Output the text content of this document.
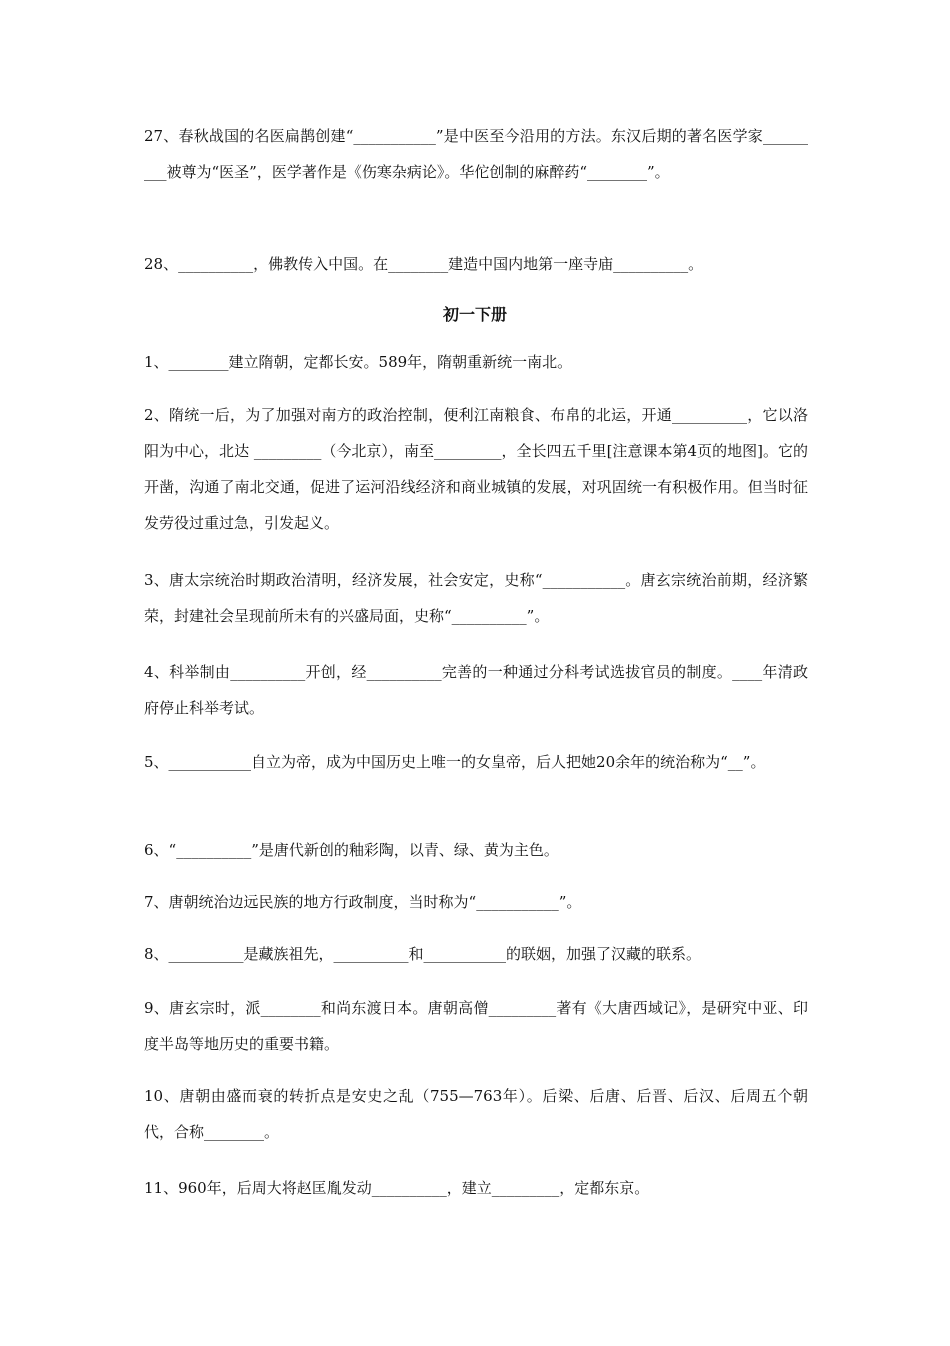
27、春秋战国的名医扁鹊创建“___________”是中医至今沿用的方法。东汉后期的著名医学家_________被尊为“医圣”，医学著作是《伤寒杂病论》。华佗创制的麻醉药“________”。

28、__________，佛教传入中国。在________建造中国内地第一座寺庙__________。

初一下册

1、________建立隋朝，定都长安。589年，隋朝重新统一南北。

2、隋统一后，为了加强对南方的政治控制，便利江南粮食、布帛的北运，开通__________，它以洛阳为中心，北达 _________（今北京），南至_________，全长四五千里[注意课本第4页的地图]。它的开凿，沟通了南北交通，促进了运河沿线经济和商业城镇的发展，对巩固统一有积极作用。但当时征发劳役过重过急，引发起义。

3、唐太宗统治时期政治清明，经济发展，社会安定，史称“___________。唐玄宗统治前期，经济繁荣，封建社会呈现前所未有的兴盛局面，史称“__________”。

4、科举制由__________开创，经__________完善的一种通过分科考试选拔官员的制度。____年清政府停止科举考试。

5、___________自立为帝，成为中国历史上唯一的女皇帝，后人把她20余年的统治称为“__”。

6、“__________”是唐代新创的釉彩陶，以青、绿、黄为主色。

7、唐朝统治边远民族的地方行政制度，当时称为“___________”。

8、__________是藏族祖先，__________和___________的联姻，加强了汉藏的联系。

9、唐玄宗时，派________和尚东渡日本。唐朝高僧_________著有《大唐西域记》，是研究中亚、印度半岛等地历史的重要书籍。

10、唐朝由盛而衰的转折点是安史之乱（755—763年）。后梁、后唐、后晋、后汉、后周五个朝代，合称________。

11、960年，后周大将赵匡胤发动__________，建立_________，定都东京。
